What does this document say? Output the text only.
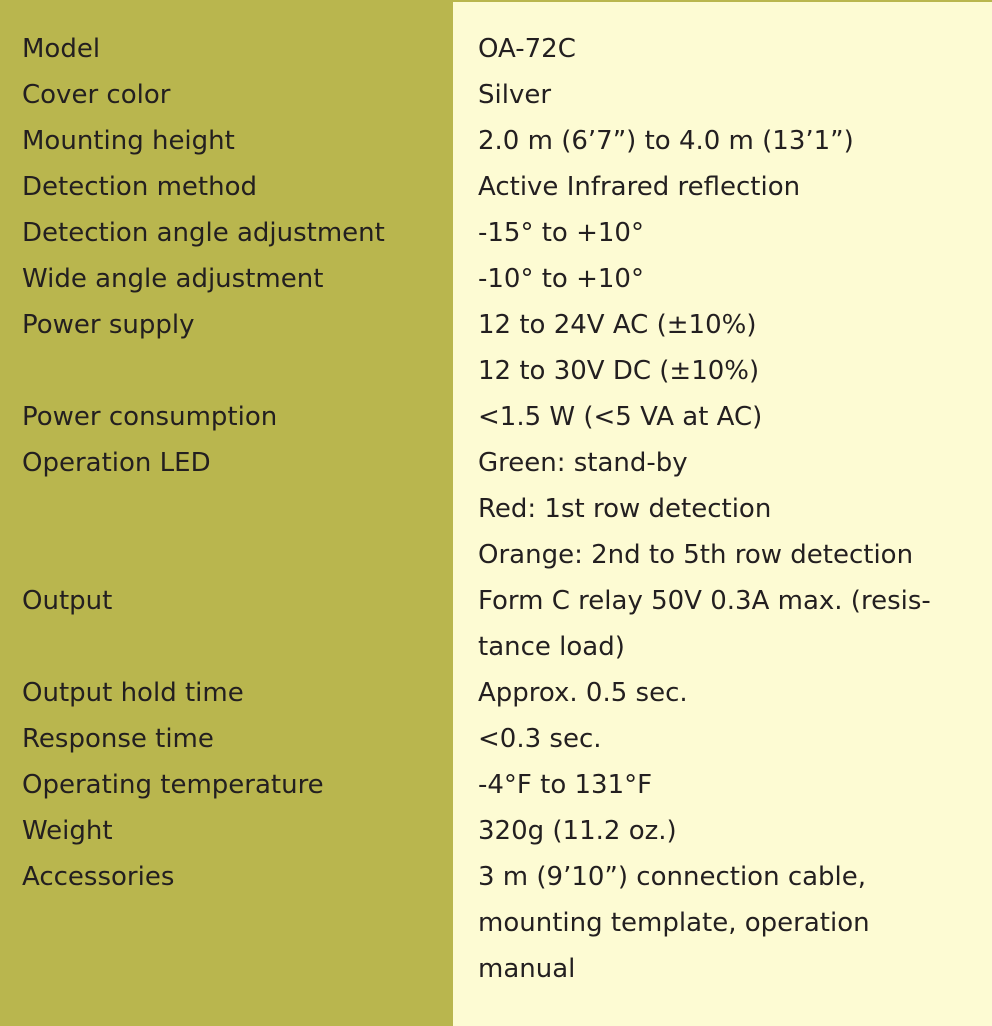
Model	OA-72C
Cover color	Silver
Mounting height	2.0 m (6’7”) to 4.0 m (13’1”)
Detection method	Active Infrared reflection
Detection angle adjustment	-15° to +10°
Wide angle adjustment	-10° to +10°
Power supply	12 to 24V AC (±10%)
12 to 30V DC (±10%)
Power consumption	<1.5 W (<5 VA at AC)
Operation LED	Green: stand-by
Red: 1st row detection
Orange: 2nd to 5th row detection
Output	Form C relay 50V 0.3A max. (resis-
tance load)
Output hold time	Approx. 0.5 sec.
Response time	<0.3 sec.
Operating temperature	-4°F to 131°F
Weight	320g (11.2 oz.)
Accessories	3 m (9’10”) connection cable,
mounting template, operation
manual
